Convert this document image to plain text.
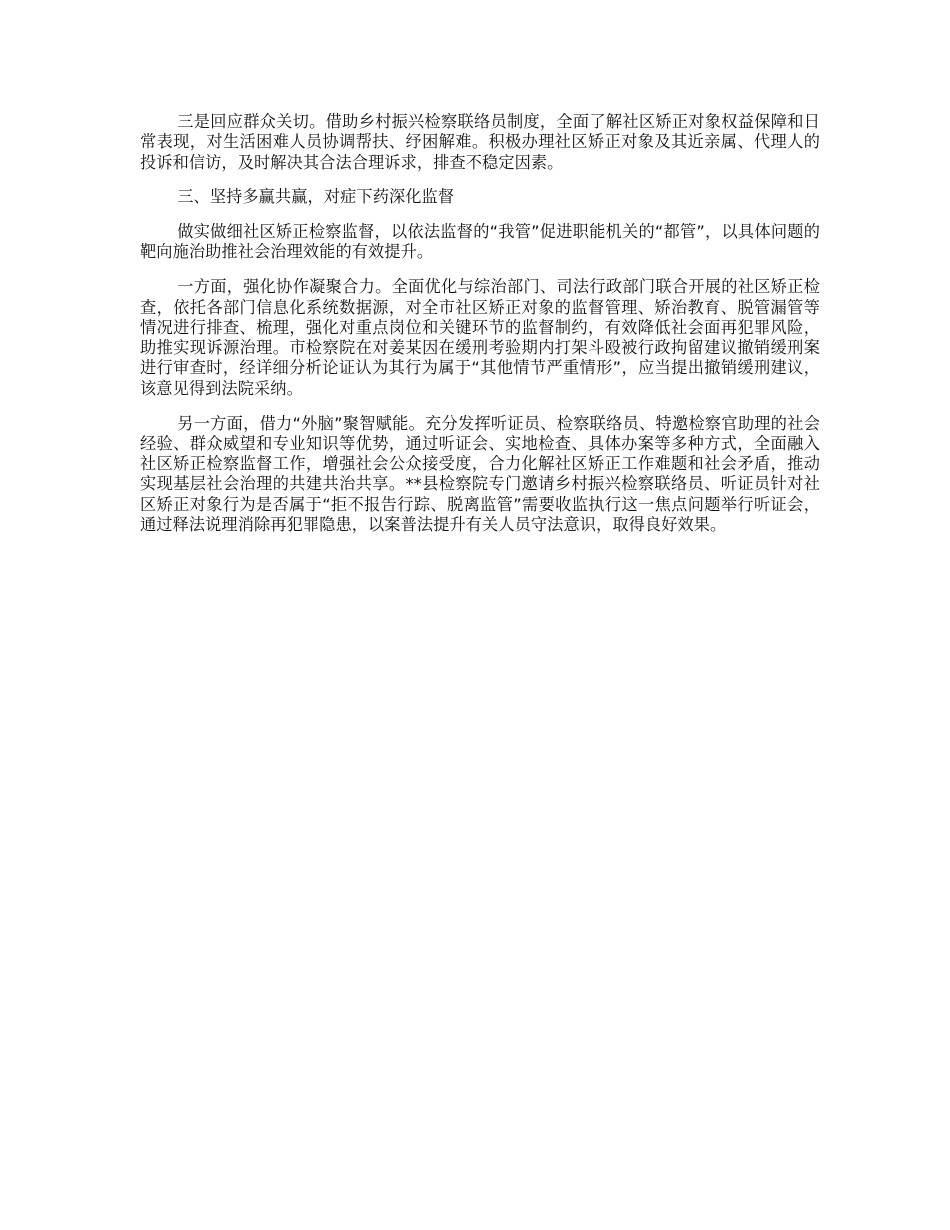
三是回应群众关切。借助乡村振兴检察联络员制度，全面了解社区矫正对象权益保障和日常表现，对生活困难人员协调帮扶、纾困解难。积极办理社区矫正对象及其近亲属、代理人的投诉和信访，及时解决其合法合理诉求，排查不稳定因素。

三、坚持多赢共赢，对症下药深化监督

做实做细社区矫正检察监督，以依法监督的“我管”促进职能机关的“都管”，以具体问题的靶向施治助推社会治理效能的有效提升。

一方面，强化协作凝聚合力。全面优化与综治部门、司法行政部门联合开展的社区矫正检查，依托各部门信息化系统数据源，对全市社区矫正对象的监督管理、矫治教育、脱管漏管等情况进行排查、梳理，强化对重点岗位和关键环节的监督制约，有效降低社会面再犯罪风险，助推实现诉源治理。市检察院在对姜某因在缓刑考验期内打架斗殴被行政拘留建议撤销缓刑案进行审查时，经详细分析论证认为其行为属于“其他情节严重情形”，应当提出撤销缓刑建议，该意见得到法院采纳。

另一方面，借力“外脑”聚智赋能。充分发挥听证员、检察联络员、特邀检察官助理的社会经验、群众威望和专业知识等优势，通过听证会、实地检查、具体办案等多种方式，全面融入社区矫正检察监督工作，增强社会公众接受度，合力化解社区矫正工作难题和社会矛盾，推动实现基层社会治理的共建共治共享。**县检察院专门邀请乡村振兴检察联络员、听证员针对社区矫正对象行为是否属于“拒不报告行踪、脱离监管”需要收监执行这一焦点问题举行听证会，通过释法说理消除再犯罪隐患，以案普法提升有关人员守法意识，取得良好效果。
